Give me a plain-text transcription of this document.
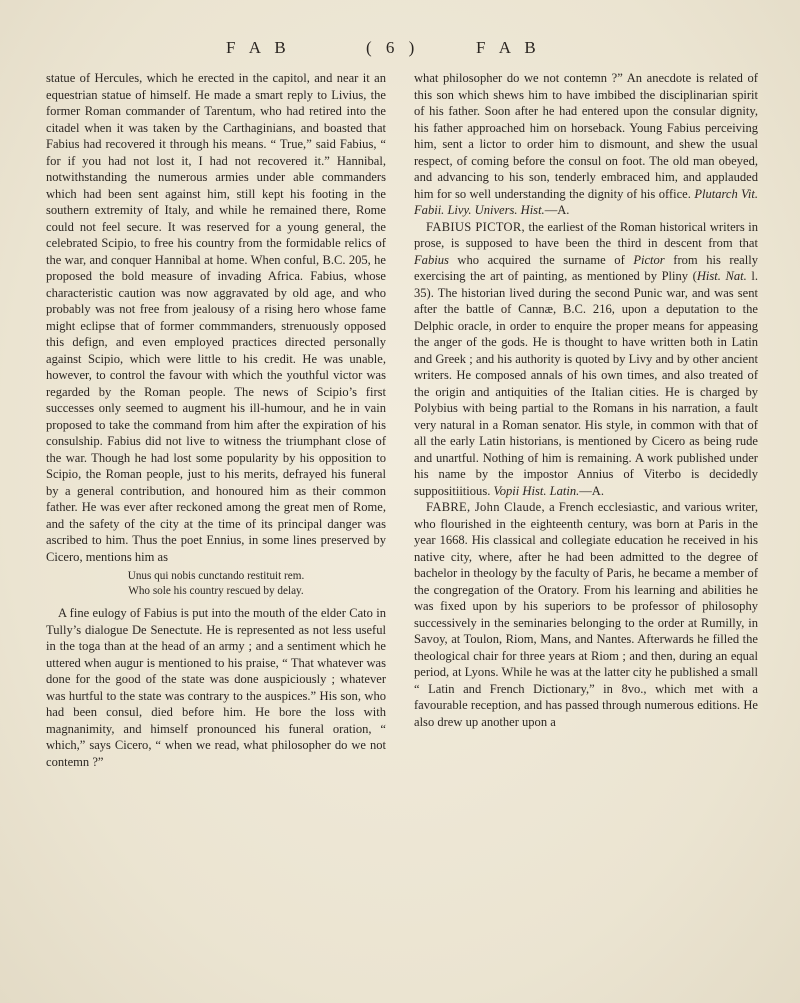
F A B	( 6 )	F A B

statue of Hercules, which he erected in the capitol, and near it an equestrian statue of himself. He made a smart reply to Livius, the former Roman commander of Tarentum, who had retired into the citadel when it was taken by the Carthaginians, and boasted that Fabius had recovered it through his means. “ True,” said Fabius, “ for if you had not lost it, I had not recovered it.” Hannibal, notwithstanding the numerous armies under able commanders which had been sent against him, still kept his footing in the southern extremity of Italy, and while he remained there, Rome could not feel secure. It was reserved for a young general, the celebrated Scipio, to free his country from the formidable relics of the war, and conquer Hannibal at home. When conful, B.C. 205, he proposed the bold measure of invading Africa. Fabius, whose characteristic caution was now aggravated by old age, and who probably was not free from jealousy of a rising hero whose fame might eclipse that of former commmanders, strenuously opposed this defign, and even employed practices directed personally against Scipio, which were little to his credit. He was unable, however, to control the favour with which the youthful victor was regarded by the Roman people. The news of Scipio’s first successes only seemed to augment his ill-humour, and he in vain proposed to take the command from him after the expiration of his consulship. Fabius did not live to witness the triumphant close of the war. Though he had lost some popularity by his opposition to Scipio, the Roman people, just to his merits, defrayed his funeral by a general contribution, and honoured him as their common father. He was ever after reckoned among the great men of Rome, and the safety of the city at the time of its principal danger was ascribed to him. Thus the poet Ennius, in some lines preserved by Cicero, mentions him as

Unus qui nobis cunctando restituit rem.
Who sole his country rescued by delay.

A fine eulogy of Fabius is put into the mouth of the elder Cato in Tully’s dialogue De Senectute. He is represented as not less useful in the toga than at the head of an army ; and a sentiment which he uttered when augur is mentioned to his praise, “ That whatever was done for the good of the state was done auspiciously ; whatever was hurtful to the state was contrary to the auspices.” His son, who had been consul, died before him. He bore the loss with magnanimity, and himself pronounced his funeral oration, “ which,” says Cicero, “ when we read, what philosopher do we not contemn ?”

what philosopher do we not contemn ?” An anecdote is related of this son which shews him to have imbibed the disciplinarian spirit of his father. Soon after he had entered upon the consular dignity, his father approached him on horseback. Young Fabius perceiving him, sent a lictor to order him to dismount, and shew the usual respect, of coming before the consul on foot. The old man obeyed, and advancing to his son, tenderly embraced him, and applauded him for so well understanding the dignity of his office. Plutarch Vit. Fabii. Livy. Univers. Hist.—A.

FABIUS PICTOR, the earliest of the Roman historical writers in prose, is supposed to have been the third in descent from that Fabius who acquired the surname of Pictor from his really exercising the art of painting, as mentioned by Pliny (Hist. Nat. l. 35). The historian lived during the second Punic war, and was sent after the battle of Cannæ, B.C. 216, upon a deputation to the Delphic oracle, in order to enquire the proper means for appeasing the anger of the gods. He is thought to have written both in Latin and Greek ; and his authority is quoted by Livy and by other ancient writers. He composed annals of his own times, and also treated of the origin and antiquities of the Italian cities. He is charged by Polybius with being partial to the Romans in his narration, a fault very natural in a Roman senator. His style, in common with that of all the early Latin historians, is mentioned by Cicero as being rude and unartful. Nothing of him is remaining. A work published under his name by the impostor Annius of Viterbo is decidedly suppositiitious. Vopii Hist. Latin.—A.

FABRE, John Claude, a French ecclesiastic, and various writer, who flourished in the eighteenth century, was born at Paris in the year 1668. His classical and collegiate education he received in his native city, where, after he had been admitted to the degree of bachelor in theology by the faculty of Paris, he became a member of the congregation of the Oratory. From his learning and abilities he was fixed upon by his superiors to be professor of philosophy successively in the seminaries belonging to the order at Rumilly, in Savoy, at Toulon, Riom, Mans, and Nantes. Afterwards he filled the theological chair for three years at Riom ; and then, during an equal period, at Lyons. While he was at the latter city he published a small “ Latin and French Dictionary,” in 8vo., which met with a favourable reception, and has passed through numerous editions. He also drew up another upon a
